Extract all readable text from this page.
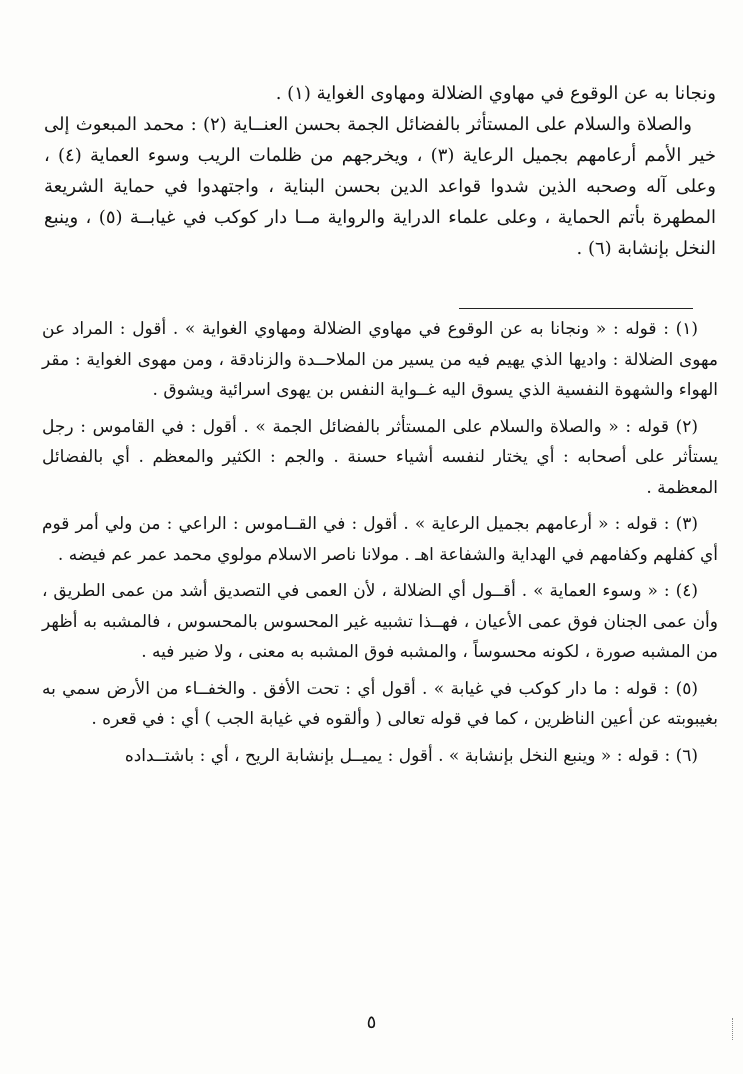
ونجانا به عن الوقوع في مهاوي الضلالة ومهاوى الغواية (١) .

والصلاة والسلام على المستأثر بالفضائل الجمة بحسن العنــاية (٢) : محمد المبعوث إلى خير الأمم أرعامهم بجميل الرعاية (٣) ، ويخرجهم من ظلمات الريب وسوء العماية (٤) ، وعلى آله وصحبه الذين شدوا قواعد الدين بحسن البناية ، واجتهدوا في حماية الشريعة المطهرة بأتم الحماية ، وعلى علماء الدراية والرواية مــا دار كوكب في غيابــة (٥) ، وينبع النخل بإنشابة (٦) .

(١) : قوله : « ونجانا به عن الوقوع في مهاوي الضلالة ومهاوي الغواية » . أقول : المراد عن مهوى الضلالة : واديها الذي يهيم فيه من يسير من الملاحــدة والزنادقة ، ومن مهوى الغواية : مقر الهواء والشهوة النفسية الذي يسوق اليه غــواية النفس بن يهوى اسرائية ويشوق .

(٢) قوله : « والصلاة والسلام على المستأثر بالفضائل الجمة » . أقول : في القاموس : رجل يستأثر على أصحابه : أي يختار لنفسه أشياء حسنة . والجم : الكثير والمعظم . أي بالفضائل المعظمة .

(٣) : قوله : « أرعامهم بجميل الرعاية » . أقول : في القــاموس : الراعي : من ولي أمر قوم أي كفلهم وكفامهم في الهداية والشفاعة اهـ . مولانا ناصر الاسلام مولوي محمد عمر عم فيضه .

(٤) : « وسوء العماية » . أقــول أي الضلالة ، لأن العمى في التصديق أشد من عمى الطريق ، وأن عمى الجنان فوق عمى الأعيان ، فهــذا تشبيه غير المحسوس بالمحسوس ، فالمشبه به أظهر من المشبه صورة ، لكونه محسوساً ، والمشبه فوق المشبه به معنى ، ولا ضير فيه .

(٥) : قوله : ما دار كوكب في غيابة » . أقول أي : تحت الأفق . والخفــاء من الأرض سمي به بغيبوبته عن أعين الناظرين ، كما في قوله تعالى ( وألقوه في غيابة الجب ) أي : في قعره .

(٦) : قوله : « وينبع النخل بإنشابة » . أقول : يميــل بإنشابة الريح ، أي : باشتــداده

٥
